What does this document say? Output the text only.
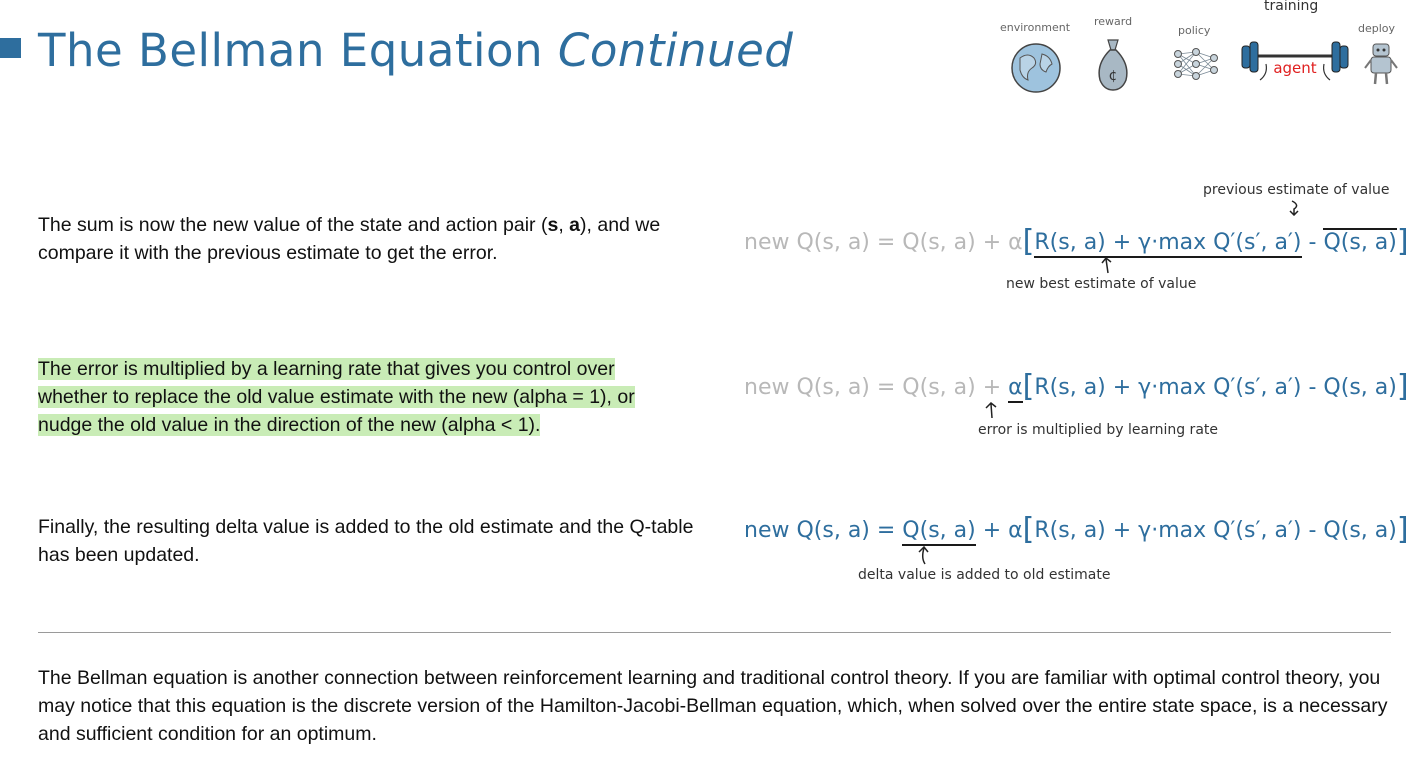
The Bellman Equation Continued	environment reward
policy
training
deploy
¢	agent

The sum is now the new value of the state and action pair (s, a), and we compare it with the previous estimate to get the error.

previous estimate of value
new Q(s, a) = Q(s, a) + α[R(s, a) + γ·max Q′(s′, a′) - Q(s, a)]
new best estimate of value

The error is multiplied by a learning rate that gives you control over whether to replace the old value estimate with the new (alpha = 1), or nudge the old value in the direction of the new (alpha < 1).

new Q(s, a) = Q(s, a) + α[R(s, a) + γ·max Q′(s′, a′) - Q(s, a)]
error is multiplied by learning rate

Finally, the resulting delta value is added to the old estimate and the Q-table has been updated.

new Q(s, a) = Q(s, a) + α[R(s, a) + γ·max Q′(s′, a′) - Q(s, a)]
delta value is added to old estimate

The Bellman equation is another connection between reinforcement learning and traditional control theory. If you are familiar with optimal control theory, you may notice that this equation is the discrete version of the Hamilton-Jacobi-Bellman equation, which, when solved over the entire state space, is a necessary and sufficient condition for an optimum.
